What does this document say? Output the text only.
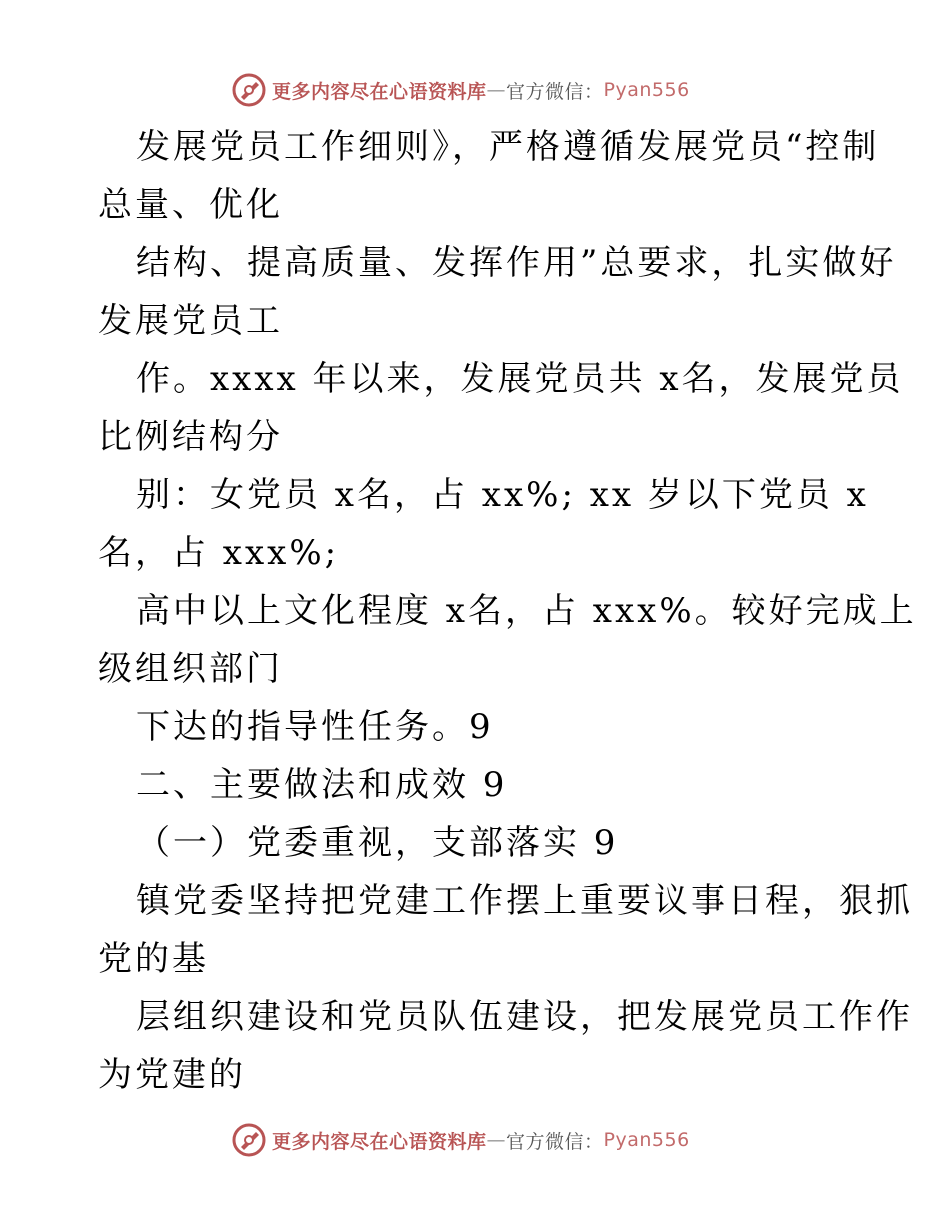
更多内容尽在心语资料库 — 官方微信： Pyan556
发展党员工作细则》，严格遵循发展党员“控制
总量、优化
结构、提高质量、发挥作用”总要求，扎实做好
发展党员工
作。xxxx 年以来，发展党员共 x名，发展党员
比例结构分
别：女党员 x名，占 xx%; xx 岁以下党员 x
名，占 xxx%;
高中以上文化程度 x名，占 xxx%。较好完成上
级组织部门
下达的指导性任务。9
二、主要做法和成效 9
（一）党委重视，支部落实 9
镇党委坚持把党建工作摆上重要议事日程，狠抓
党的基
层组织建设和党员队伍建设，把发展党员工作作
为党建的
更多内容尽在心语资料库 — 官方微信： Pyan556
